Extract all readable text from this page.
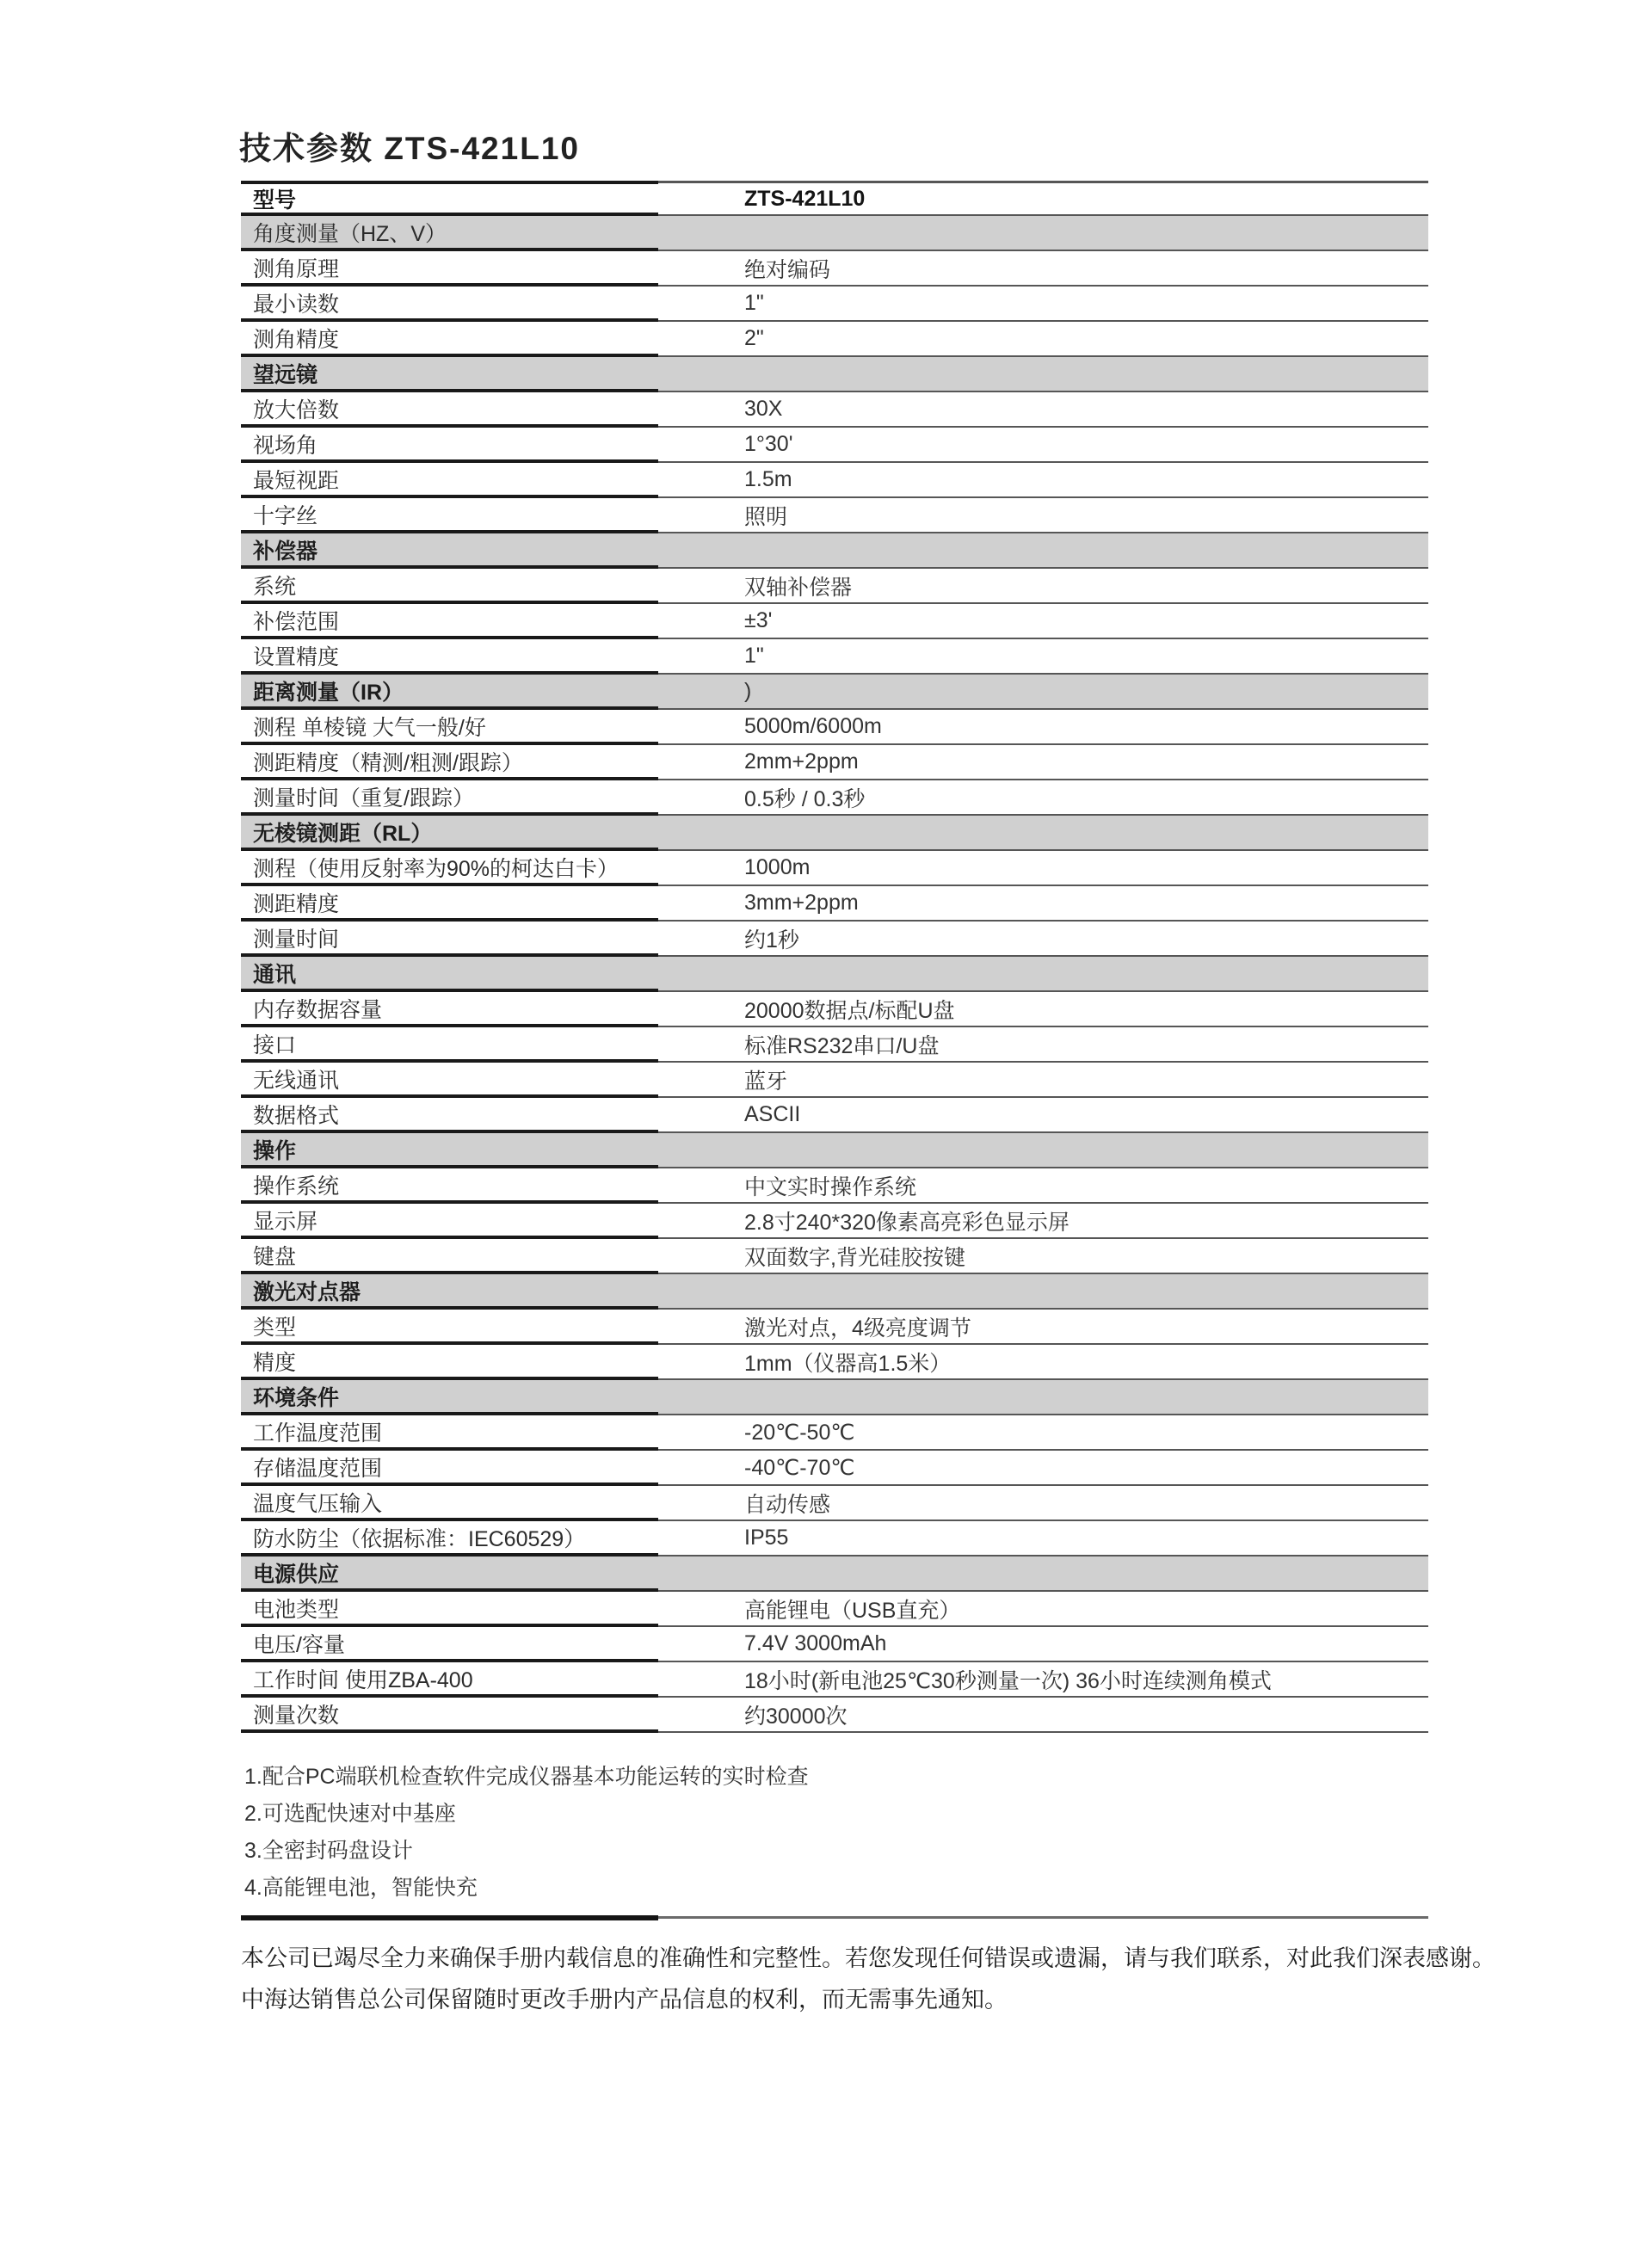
技术参数 ZTS-421L10
型号	ZTS-421L10
角度测量（HZ、V）
测角原理	绝对编码
最小读数	1"
测角精度	2"
望远镜
放大倍数	30X
视场角	1°30'
最短视距	1.5m
十字丝	照明
补偿器
系统	双轴补偿器
补偿范围	±3'
设置精度	1"
距离测量（IR）	)
测程 单棱镜 大气一般/好	5000m/6000m
测距精度（精测/粗测/跟踪）	2mm+2ppm
测量时间（重复/跟踪）	0.5秒 / 0.3秒
无棱镜测距（RL）
测程（使用反射率为90%的柯达白卡）	1000m
测距精度	3mm+2ppm
测量时间	约1秒
通讯
内存数据容量	20000数据点/标配U盘
接口	标准RS232串口/U盘
无线通讯	蓝牙
数据格式	ASCII
操作
操作系统	中文实时操作系统
显示屏	2.8寸240*320像素高亮彩色显示屏
键盘	双面数字,背光硅胶按键
激光对点器
类型	激光对点，4级亮度调节
精度	1mm（仪器高1.5米）
环境条件
工作温度范围	-20℃-50℃
存储温度范围	-40℃-70℃
温度气压输入	自动传感
防水防尘（依据标准：IEC60529）	IP55
电源供应
电池类型	高能锂电（USB直充）
电压/容量	7.4V 3000mAh
工作时间 使用ZBA-400	18小时(新电池25℃30秒测量一次) 36小时连续测角模式
测量次数	约30000次
1.配合PC端联机检查软件完成仪器基本功能运转的实时检查
2.可选配快速对中基座
3.全密封码盘设计
4.高能锂电池，智能快充
本公司已竭尽全力来确保手册内载信息的准确性和完整性。若您发现任何错误或遗漏，请与我们联系，对此我们深表感谢。
中海达销售总公司保留随时更改手册内产品信息的权利，而无需事先通知。
